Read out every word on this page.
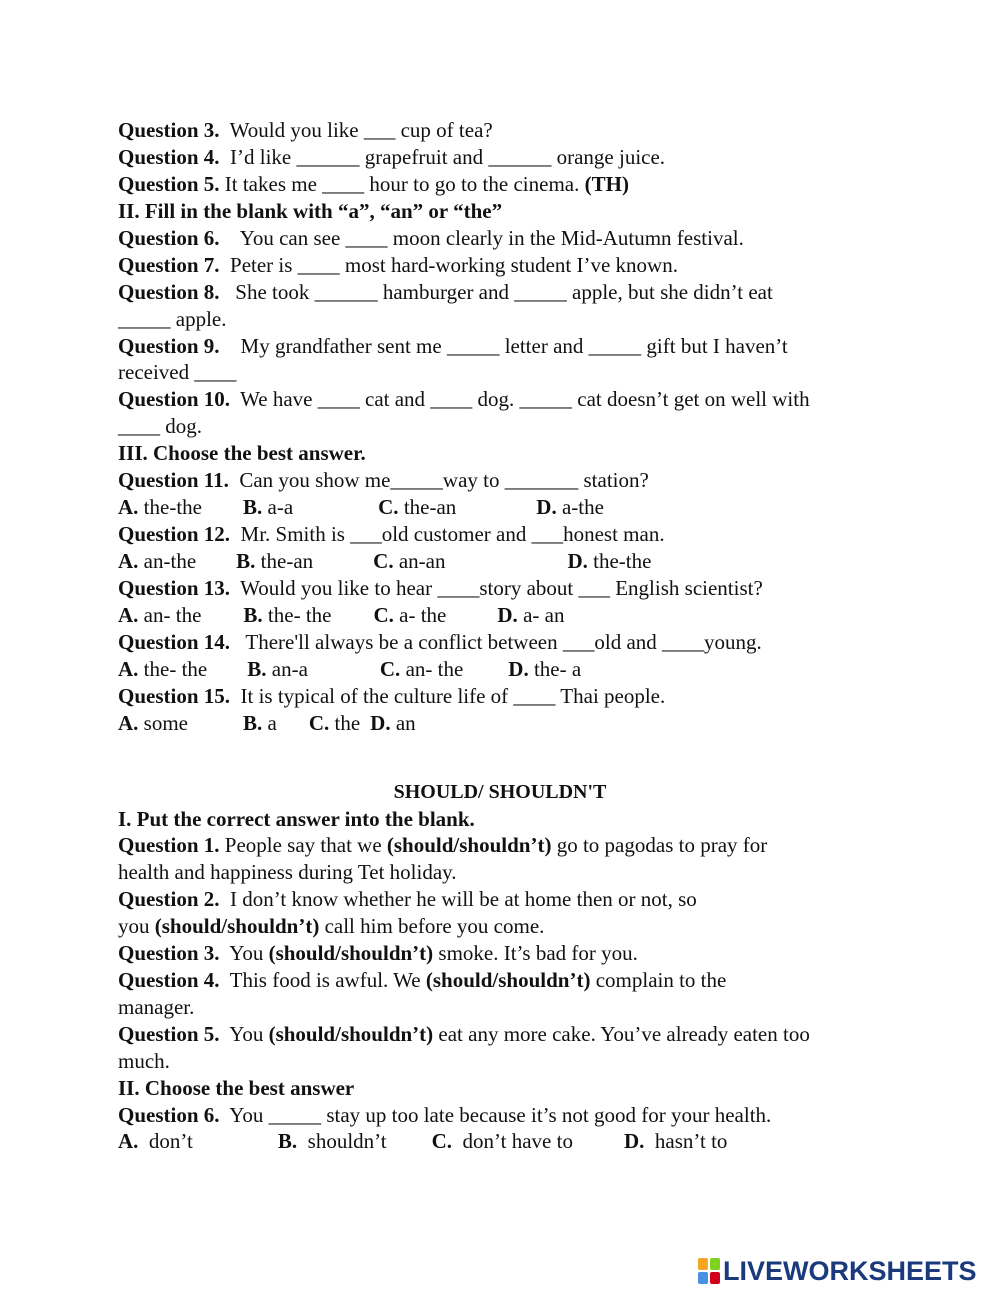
Question 3. Would you like ___ cup of tea?

Question 4. I’d like ______ grapefruit and ______ orange juice.

Question 5. It takes me ____ hour to go to the cinema. (TH)

II. Fill in the blank with “a”, “an” or “the”

Question 6. You can see ____ moon clearly in the Mid-Autumn festival.

Question 7. Peter is ____ most hard-working student I’ve known.

Question 8. She took ______ hamburger and _____ apple, but she didn’t eat

_____ apple.

Question 9. My grandfather sent me _____ letter and _____ gift but I haven’t

received ____

Question 10. We have ____ cat and ____ dog. _____ cat doesn’t get on well with

____ dog.

III. Choose the best answer.

Question 11. Can you show me_____way to _______ station?

A. the-the B. a-a	C. the-an	D. a-the

Question 12. Mr. Smith is ___old customer and ___honest man.

A. an-the B. the-an	C. an-an	D. the-the

Question 13. Would you like to hear ____story about ___ English scientist?

A. an- the B. the- the C. a- the D. a- an

Question 14. There'll always be a conflict between ___old and ____young.

A. the- the B. an-a	C. an- the D. the- a

Question 15. It is typical of the culture life of ____ Thai people.

A. some	B. a C. the D. an

SHOULD/ SHOULDN'T

I. Put the correct answer into the blank.

Question 1. People say that we (should/shouldn’t) go to pagodas to pray for

health and happiness during Tet holiday.

Question 2. I don’t know whether he will be at home then or not, so

you (should/shouldn’t) call him before you come.

Question 3. You (should/shouldn’t) smoke. It’s bad for you.

Question 4. This food is awful. We (should/shouldn’t) complain to the

manager.

Question 5. You (should/shouldn’t) eat any more cake. You’ve already eaten too

much.

II. Choose the best answer

Question 6. You _____ stay up too late because it’s not good for your health.

A. don’t	B. shouldn’t C. don’t have to D. hasn’t to

LIVEWORKSHEETS
